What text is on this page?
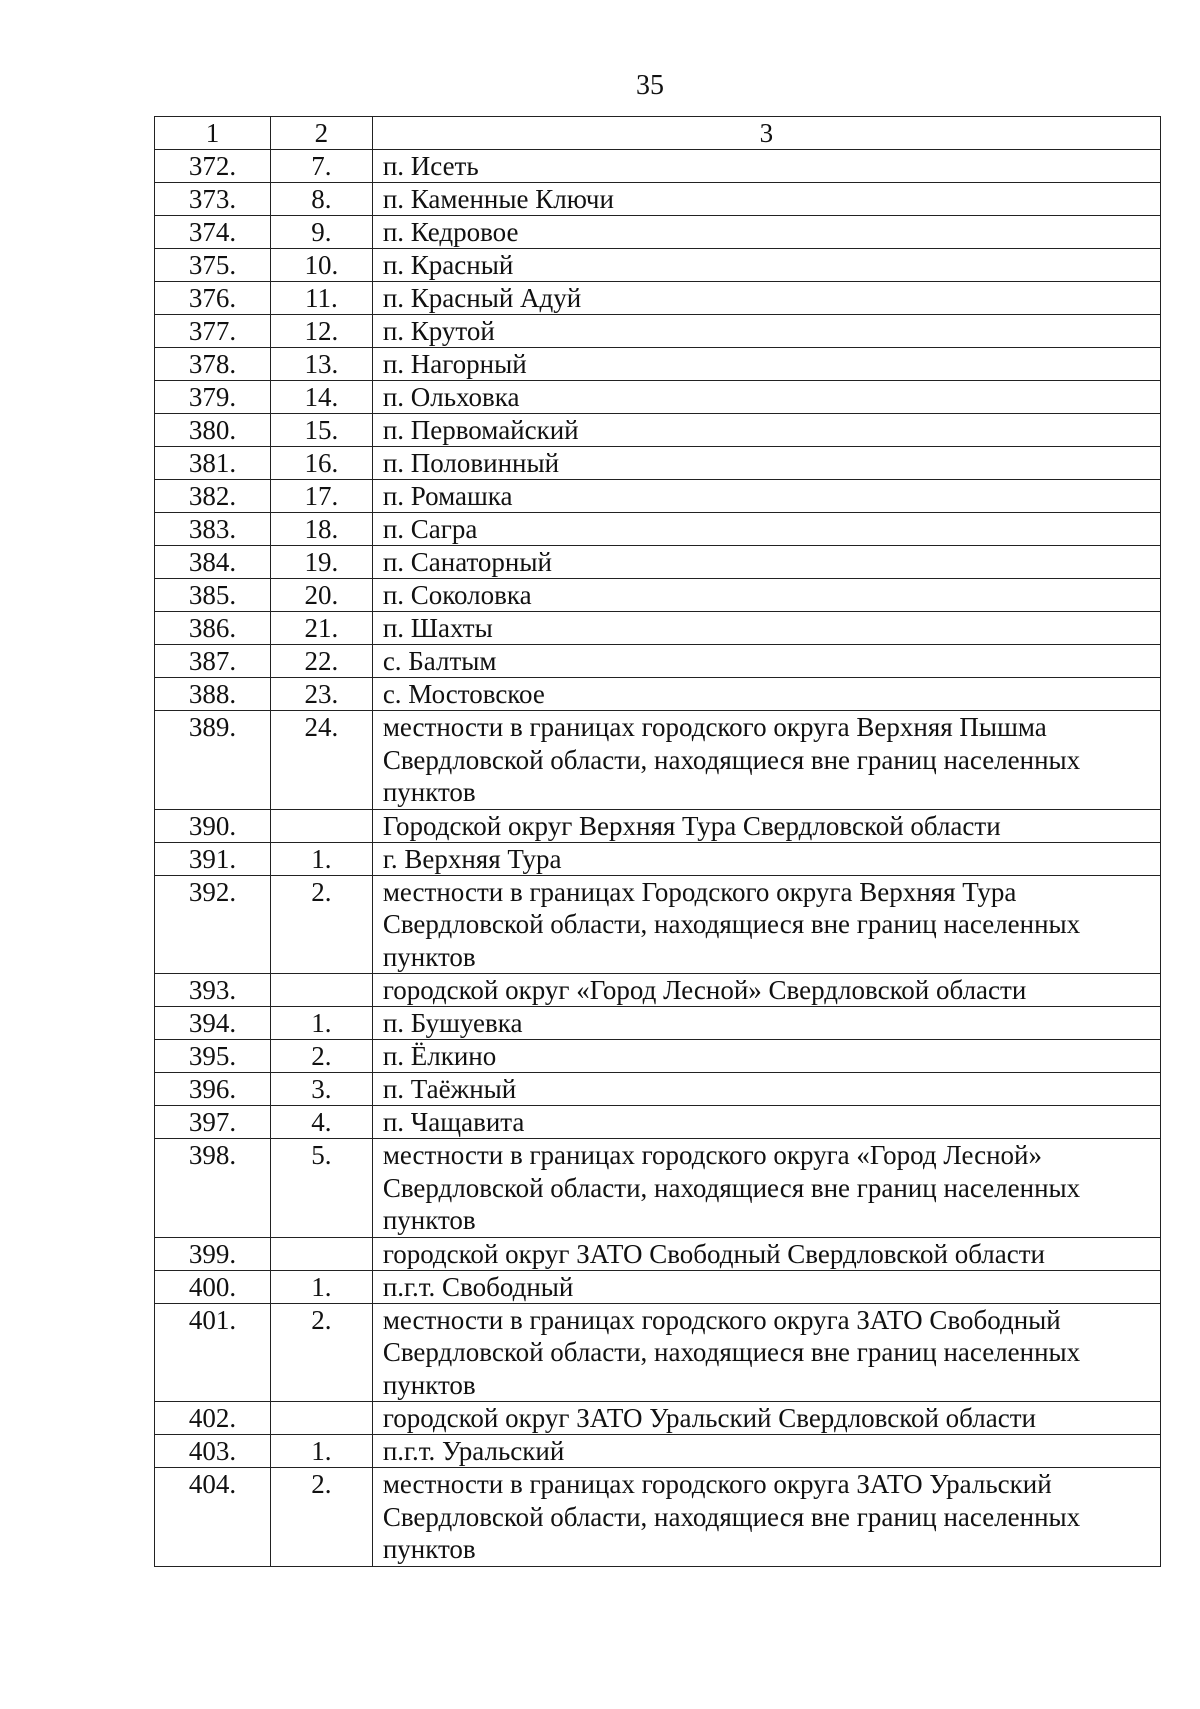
35
1	2	3
372.	7.	п. Исеть
373.	8.	п. Каменные Ключи
374.	9.	п. Кедровое
375.	10.	п. Красный
376.	11.	п. Красный Адуй
377.	12.	п. Крутой
378.	13.	п. Нагорный
379.	14.	п. Ольховка
380.	15.	п. Первомайский
381.	16.	п. Половинный
382.	17.	п. Ромашка
383.	18.	п. Сагра
384.	19.	п. Санаторный
385.	20.	п. Соколовка
386.	21.	п. Шахты
387.	22.	с. Балтым
388.	23.	с. Мостовское
389.	24.	местности в границах городского округа Верхняя Пышма Свердловской области, находящиеся вне границ населенных пунктов
390.		Городской округ Верхняя Тура Свердловской области
391.	1.	г. Верхняя Тура
392.	2.	местности в границах Городского округа Верхняя Тура Свердловской области, находящиеся вне границ населенных пунктов
393.		городской округ «Город Лесной» Свердловской области
394.	1.	п. Бушуевка
395.	2.	п. Ёлкино
396.	3.	п. Таёжный
397.	4.	п. Чащавита
398.	5.	местности в границах городского округа «Город Лесной» Свердловской области, находящиеся вне границ населенных пунктов
399.		городской округ ЗАТО Свободный Свердловской области
400.	1.	п.г.т. Свободный
401.	2.	местности в границах городского округа ЗАТО Свободный Свердловской области, находящиеся вне границ населенных пунктов
402.		городской округ ЗАТО Уральский Свердловской области
403.	1.	п.г.т. Уральский
404.	2.	местности в границах городского округа ЗАТО Уральский Свердловской области, находящиеся вне границ населенных пунктов
